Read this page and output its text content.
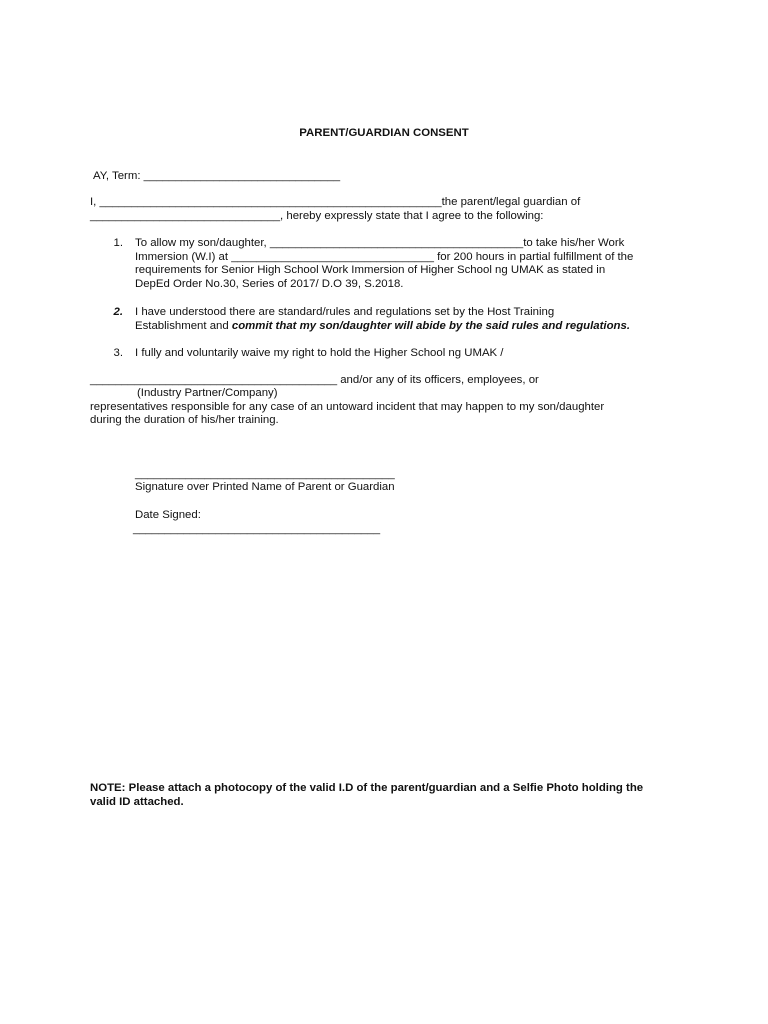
PARENT/GUARDIAN CONSENT
AY, Term: _______________________________
I, ______________________________________________________the parent/legal guardian of
______________________________, hereby expressly state that I agree to the following:
1. To allow my son/daughter, ________________________________________to take his/her Work
Immersion (W.I) at ________________________________ for 200 hours in partial fulfillment of the
requirements for Senior High School Work Immersion of Higher School ng UMAK as stated in
DepEd Order No.30, Series of 2017/ D.O 39, S.2018.
2. I have understood there are standard/rules and regulations set by the Host Training
Establishment and commit that my son/daughter will abide by the said rules and regulations.
3. I fully and voluntarily waive my right to hold the Higher School ng UMAK /
_______________________________________ and/or any of its officers, employees, or
(Industry Partner/Company)
representatives responsible for any case of an untoward incident that may happen to my son/daughter
during the duration of his/her training.
_________________________________________
Signature over Printed Name of Parent or Guardian
Date Signed:
_______________________________________
NOTE: Please attach a photocopy of the valid I.D of the parent/guardian and a Selfie Photo holding the
valid ID attached.
